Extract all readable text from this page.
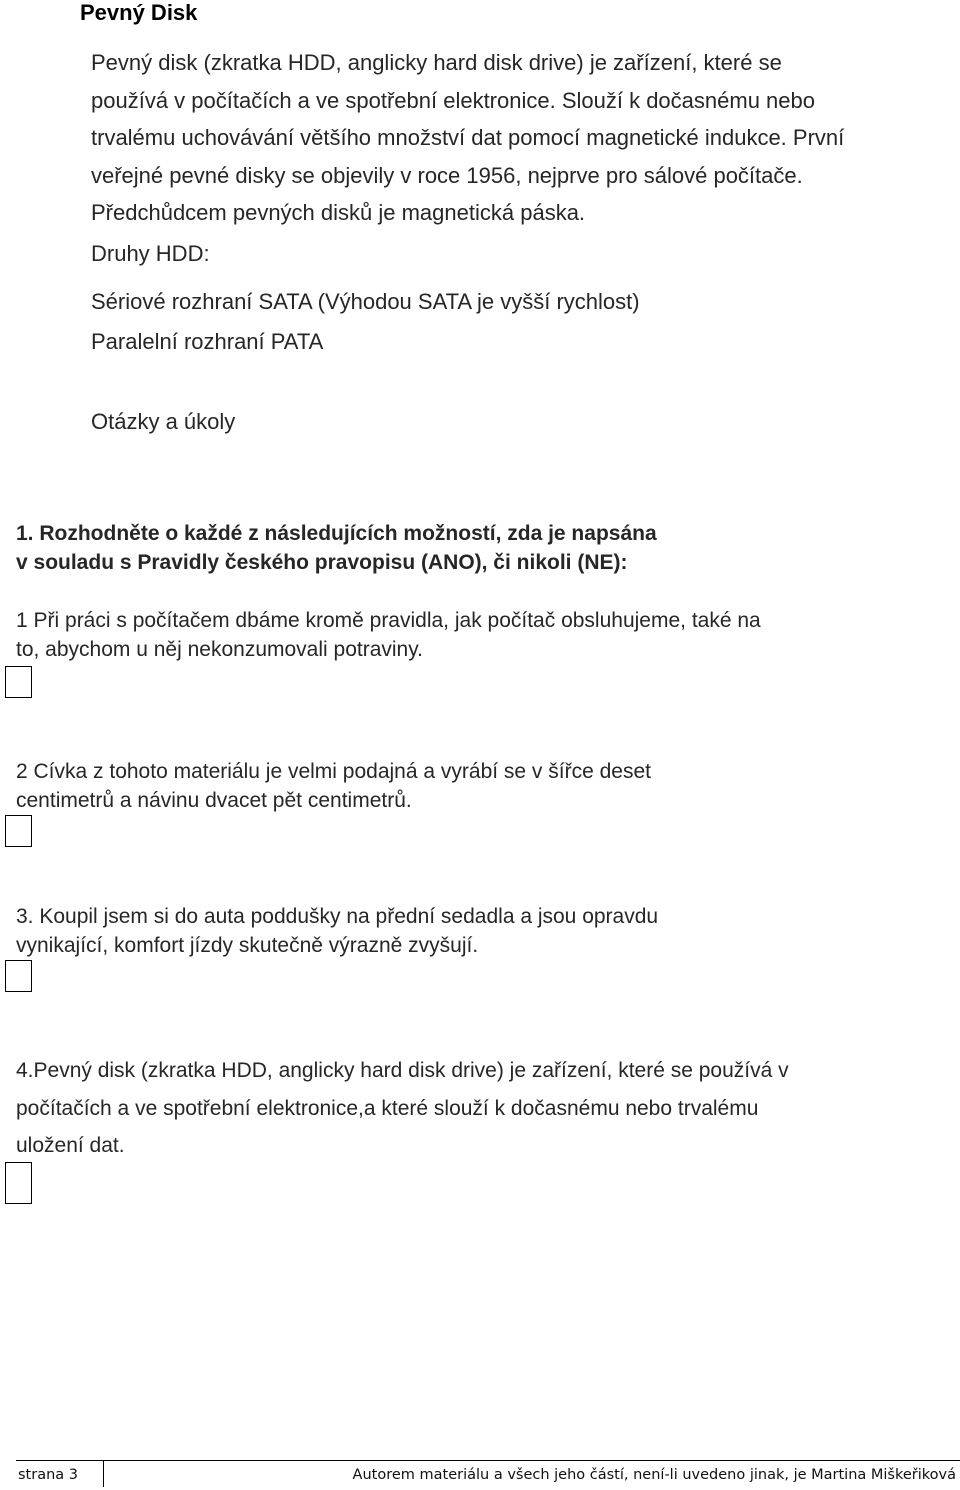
Pevný Disk
Pevný disk (zkratka HDD, anglicky hard disk drive) je zařízení, které se
používá v počítačích a ve spotřební elektronice. Slouží k dočasnému nebo
trvalému uchovávání většího množství dat pomocí magnetické indukce. První
veřejné pevné disky se objevily v roce 1956, nejprve pro sálové počítače.
Předchůdcem pevných disků je magnetická páska.
Druhy HDD:
Sériové rozhraní SATA (Výhodou SATA je vyšší rychlost)
Paralelní rozhraní PATA
Otázky a úkoly
1. Rozhodněte o každé z následujících možností, zda je napsána
v souladu s Pravidly českého pravopisu (ANO), či nikoli (NE):
1 Při práci s počítačem dbáme kromě pravidla, jak počítač obsluhujeme, také na
to, abychom u něj nekonzumovali potraviny.
2 Cívka z tohoto materiálu je velmi podajná a vyrábí se v šířce deset
centimetrů a návinu dvacet pět centimetrů.
3. Koupil jsem si do auta poddušky na přední sedadla a jsou opravdu
vynikající, komfort jízdy skutečně výrazně zvyšují.
4.Pevný disk (zkratka HDD, anglicky hard disk drive) je zařízení, které se používá v
počítačích a ve spotřební elektronice,a které slouží k dočasnému nebo trvalému
uložení dat.
strana 3	Autorem materiálu a všech jeho částí, není-li uvedeno jinak, je Martina Miškeřiková
